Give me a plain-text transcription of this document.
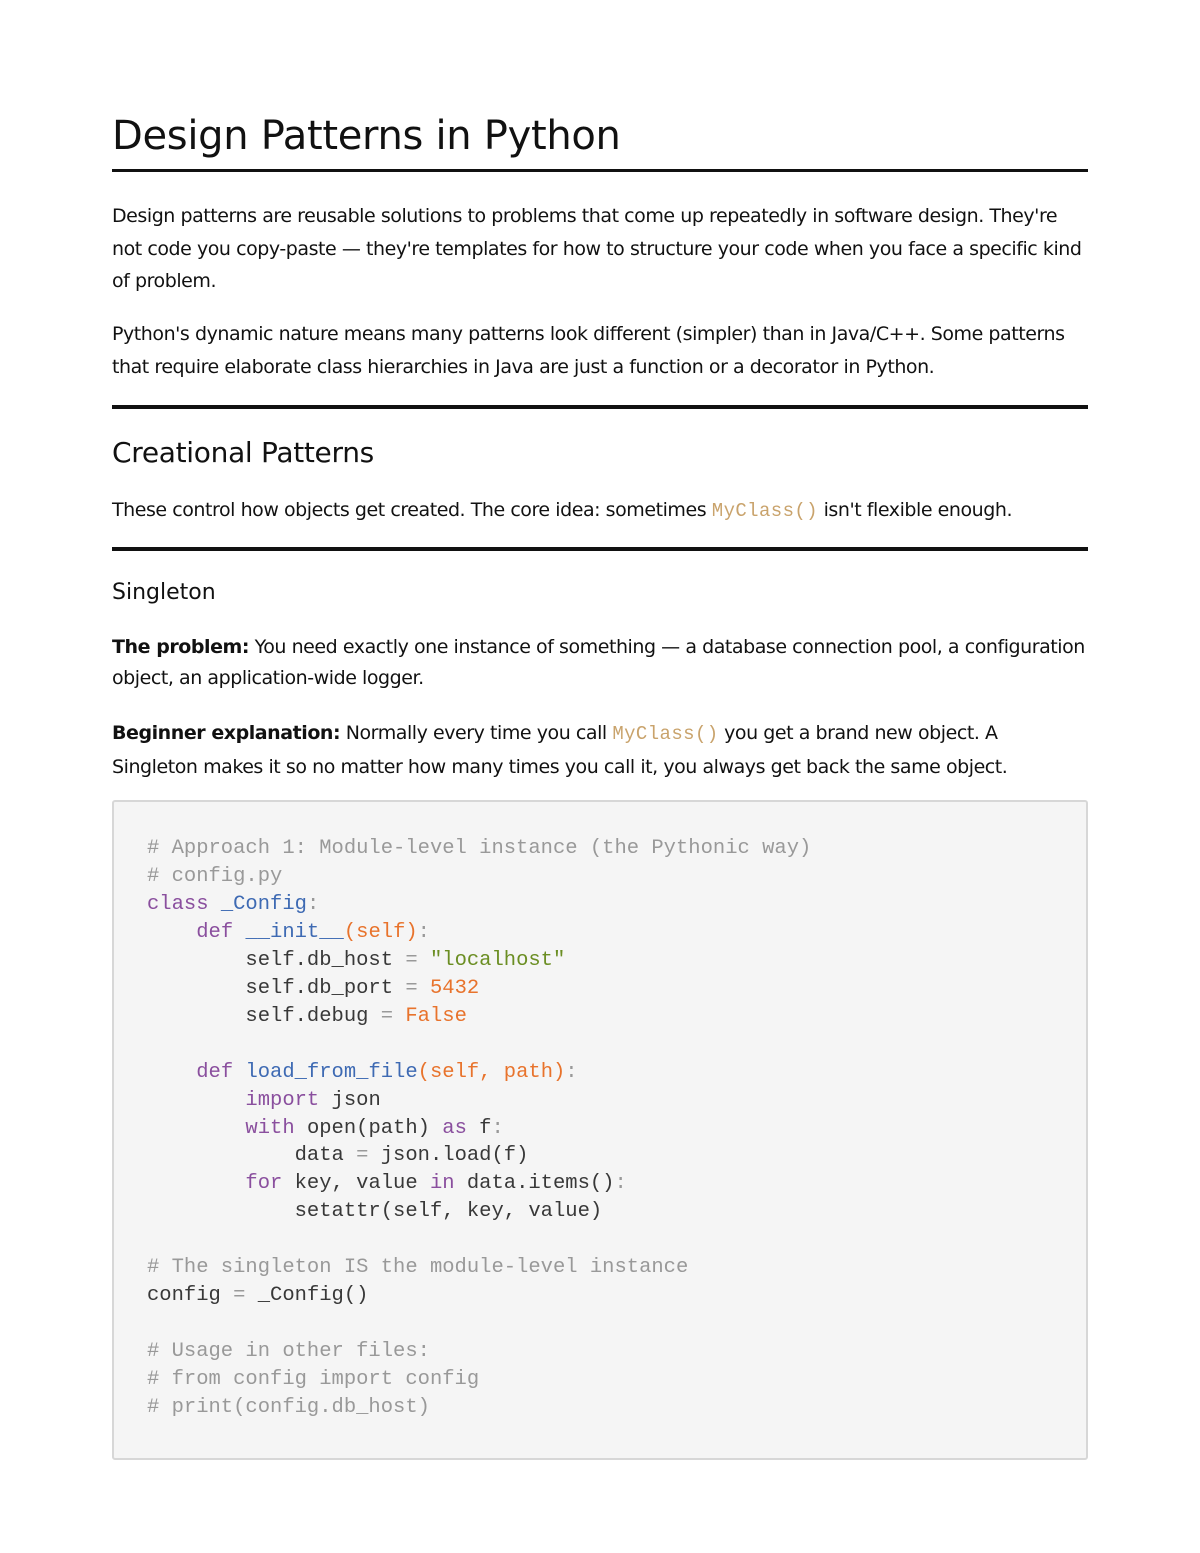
Design Patterns in Python

Design patterns are reusable solutions to problems that come up repeatedly in software design. They're not code you copy-paste — they're templates for how to structure your code when you face a specific kind of problem.

Python's dynamic nature means many patterns look different (simpler) than in Java/C++. Some patterns that require elaborate class hierarchies in Java are just a function or a decorator in Python.

Creational Patterns

These control how objects get created. The core idea: sometimes MyClass() isn't flexible enough.

Singleton

The problem: You need exactly one instance of something — a database connection pool, a configuration object, an application-wide logger.

Beginner explanation: Normally every time you call MyClass() you get a brand new object. A Singleton makes it so no matter how many times you call it, you always get back the same object.

# Approach 1: Module-level instance (the Pythonic way)
# config.py
class _Config:
def __init__(self):
self.db_host = "localhost"
self.db_port = 5432
self.debug = False

def load_from_file(self, path):
import json
with open(path) as f:
data = json.load(f)
for key, value in data.items():
setattr(self, key, value)

# The singleton IS the module-level instance
config = _Config()

# Usage in other files:
# from config import config
# print(config.db_host)
